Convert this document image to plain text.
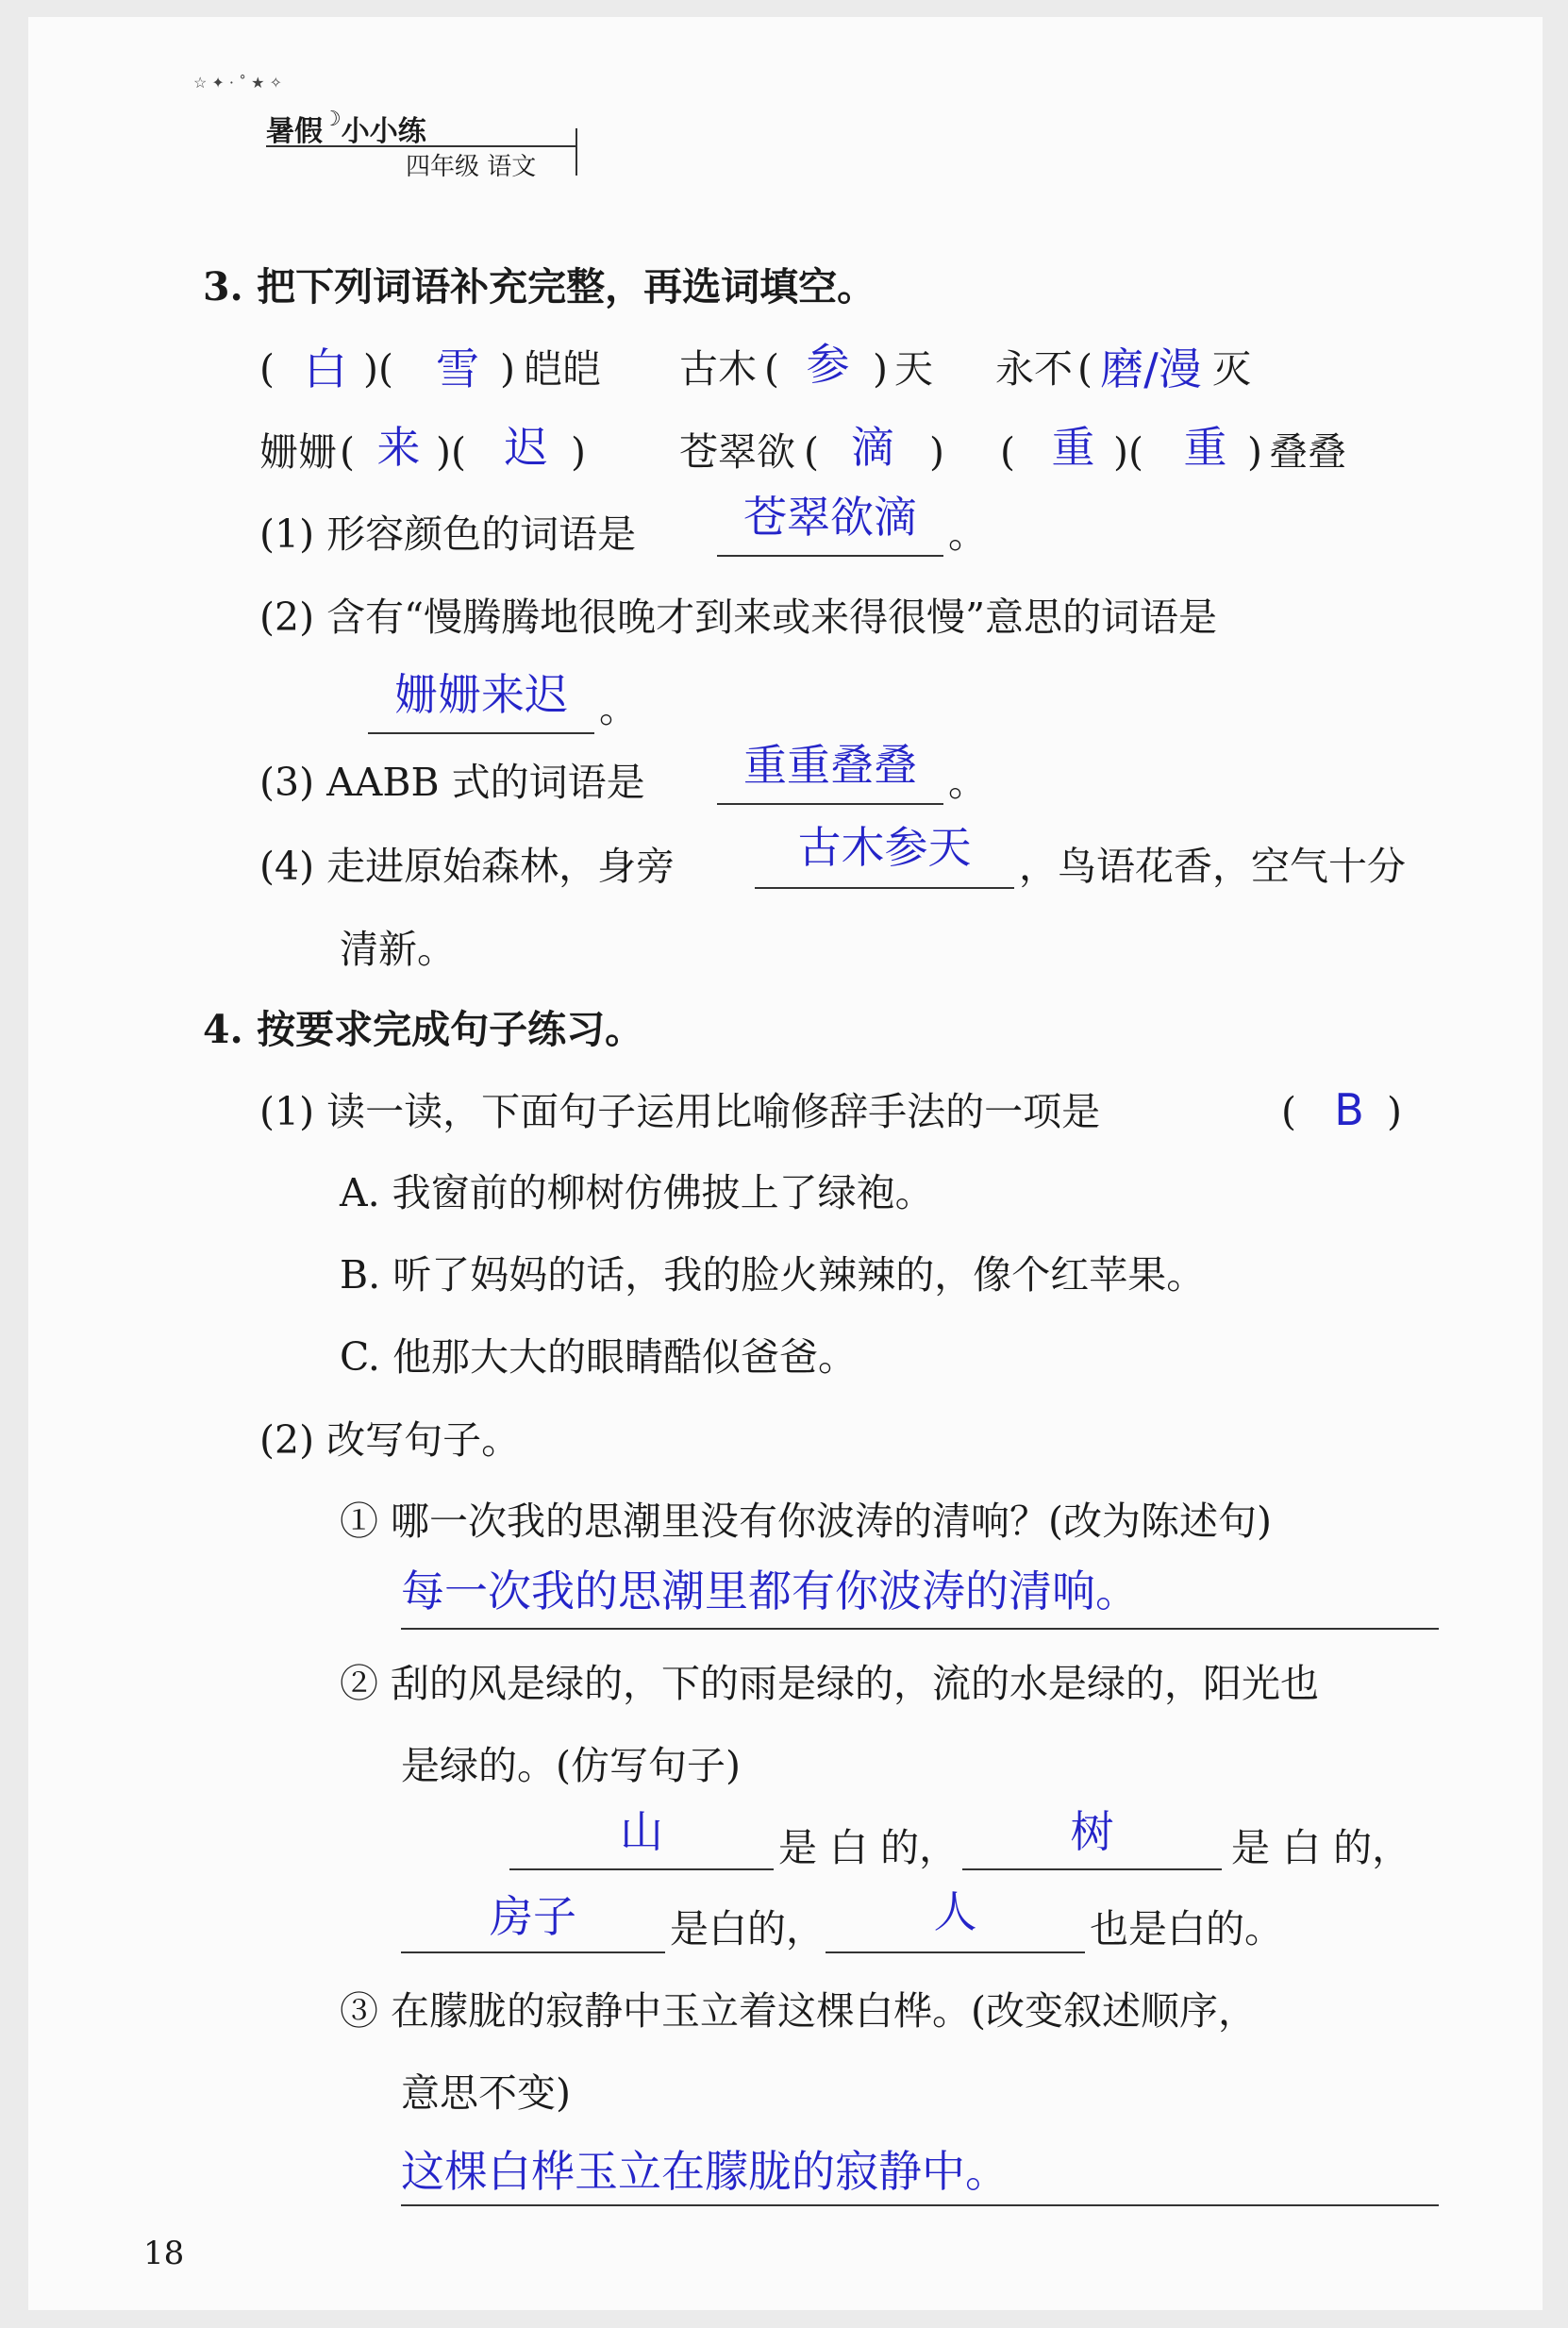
☆ ✦ · ˚ ★ ✧
暑假☽小小练
四年级 语文
3. 把下列词语补充完整，再选词填空。
( 白 )( 雪 ) 皑皑 古木 ( 参 ) 天 永不 ( 磨/漫 灭
姗姗 ( 来 )( 迟 ) 苍翠欲 ( 滴 ) ( 重 )( 重 ) 叠叠
(1) 形容颜色的词语是	苍翠欲滴 。
(2) 含有“慢腾腾地很晚才到来或来得很慢”意思的词语是
姗姗来迟 。
(3) AABB 式的词语是	重重叠叠 。
(4) 走进原始森林，身旁	古木参天	，鸟语花香，空气十分
清新。
4. 按要求完成句子练习。
(1) 读一读，下面句子运用比喻修辞手法的一项是	( B )
A. 我窗前的柳树仿佛披上了绿袍。
B. 听了妈妈的话，我的脸火辣辣的，像个红苹果。
C. 他那大大的眼睛酷似爸爸。
(2) 改写句子。
① 哪一次我的思潮里没有你波涛的清响？(改为陈述句)
每一次我的思潮里都有你波涛的清响。
② 刮的风是绿的，下的雨是绿的，流的水是绿的，阳光也
是绿的。(仿写句子)
山	是 白 的，	树	是 白 的，
房子	是白的，	人	也是白的。
③ 在朦胧的寂静中玉立着这棵白桦。(改变叙述顺序，
意思不变)
这棵白桦玉立在朦胧的寂静中。
18
